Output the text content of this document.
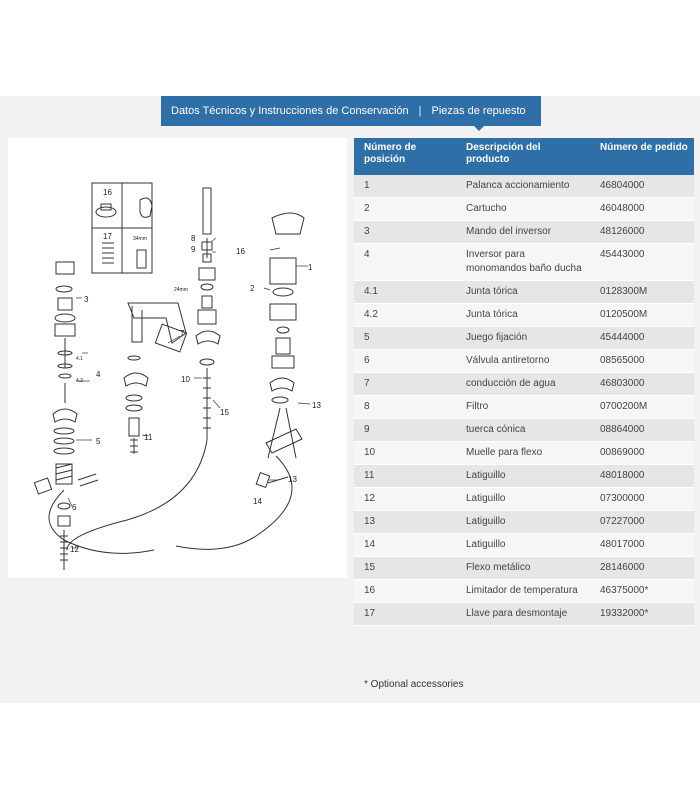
Datos Técnicos y Instrucciones de Conservación | Piezas de repuesto
16
17	34mm
24mm
1
2
3
4
4.1
4.2
5
6
7
8
9
10
11
12
13
13
14
15
16
Número de posición	Descripción del producto	Número de pedido
1	Palanca accionamiento	46804000
2	Cartucho	46048000
3	Mando del inversor	48126000
4	Inversor para monomandos baño ducha	45443000
4.1	Junta tórica	0128300M
4.2	Junta tórica	0120500M
5	Juego fijación	45444000
6	Válvula antiretorno	08565000
7	conducción de agua	46803000
8	Filtro	0700200M
9	tuerca cónica	08864000
10	Muelle para flexo	00869000
11	Latiguillo	48018000
12	Latiguillo	07300000
13	Latiguillo	07227000
14	Latiguillo	48017000
15	Flexo metálico	28146000
16	Limitador de temperatura	46375000*
17	Llave para desmontaje	19332000*
* Optional accessories
